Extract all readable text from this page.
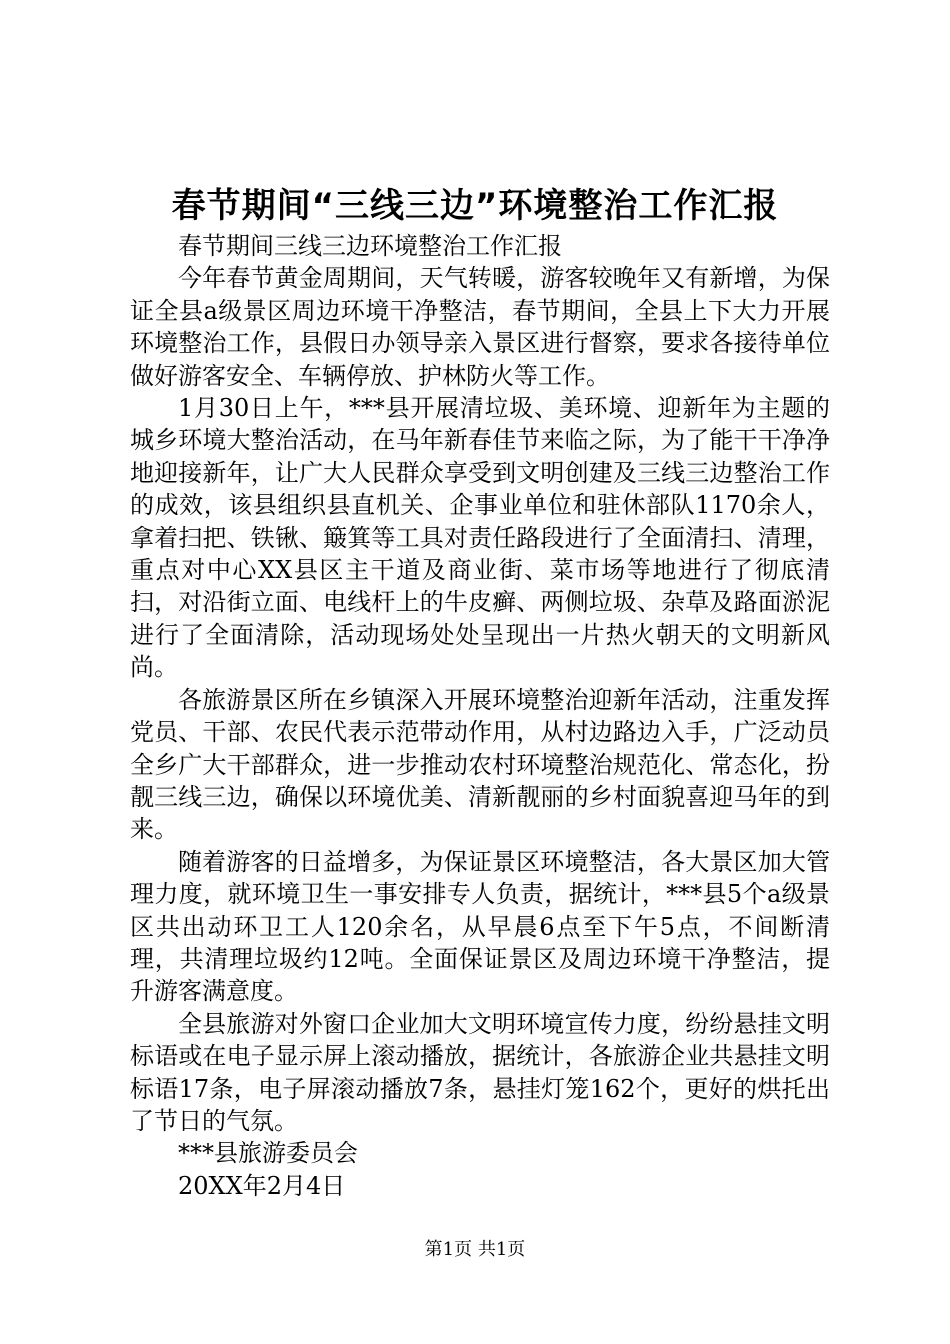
春节期间“三线三边”环境整治工作汇报

春节期间三线三边环境整治工作汇报

今年春节黄金周期间，天气转暖，游客较晚年又有新增，为保证全县a级景区周边环境干净整洁，春节期间，全县上下大力开展环境整治工作，县假日办领导亲入景区进行督察，要求各接待单位做好游客安全、车辆停放、护林防火等工作。

1月30日上午，***县开展清垃圾、美环境、迎新年为主题的城乡环境大整治活动，在马年新春佳节来临之际，为了能干干净净地迎接新年，让广大人民群众享受到文明创建及三线三边整治工作的成效，该县组织县直机关、企事业单位和驻休部队1170余人，拿着扫把、铁锹、簸箕等工具对责任路段进行了全面清扫、清理，重点对中心XX县区主干道及商业街、菜市场等地进行了彻底清扫，对沿街立面、电线杆上的牛皮癣、两侧垃圾、杂草及路面淤泥进行了全面清除，活动现场处处呈现出一片热火朝天的文明新风尚。

各旅游景区所在乡镇深入开展环境整治迎新年活动，注重发挥党员、干部、农民代表示范带动作用，从村边路边入手，广泛动员全乡广大干部群众，进一步推动农村环境整治规范化、常态化，扮靓三线三边，确保以环境优美、清新靓丽的乡村面貌喜迎马年的到来。

随着游客的日益增多，为保证景区环境整洁，各大景区加大管理力度，就环境卫生一事安排专人负责，据统计，***县5个a级景区共出动环卫工人120余名，从早晨6点至下午5点，不间断清理，共清理垃圾约12吨。全面保证景区及周边环境干净整洁，提升游客满意度。

全县旅游对外窗口企业加大文明环境宣传力度，纷纷悬挂文明标语或在电子显示屏上滚动播放，据统计，各旅游企业共悬挂文明标语17条，电子屏滚动播放7条，悬挂灯笼162个，更好的烘托出了节日的气氛。

***县旅游委员会

20XX年2月4日

第1页 共1页
